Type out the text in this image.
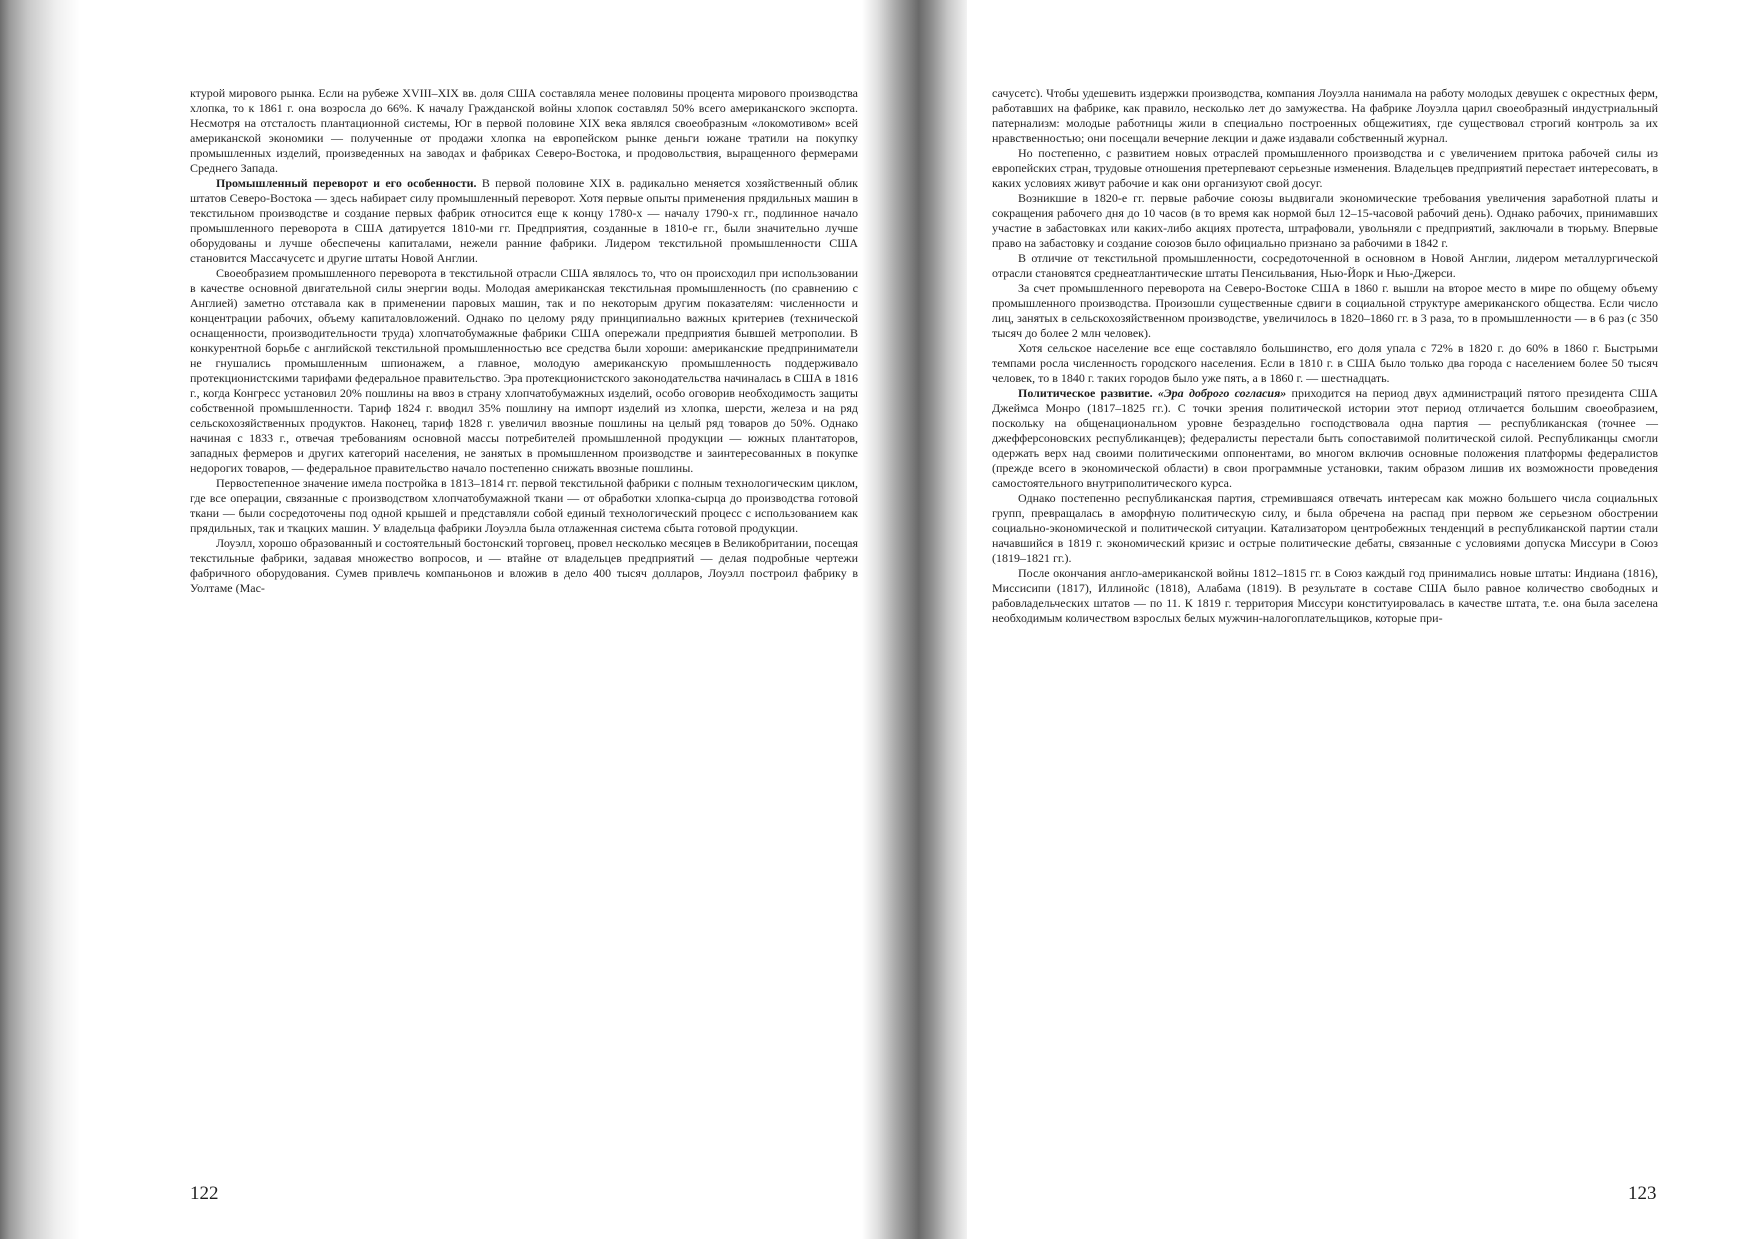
ктурой мирового рынка. Если на рубеже XVIII–XIX вв. доля США составляла менее половины процента мирового производства хлопка, то к 1861 г. она возросла до 66%. К началу Гражданской войны хлопок составлял 50% всего американского экспорта. Несмотря на отсталость плантационной системы, Юг в первой половине XIX века являлся своеобразным «локомотивом» всей американской экономики — полученные от продажи хлопка на европейском рынке деньги южане тратили на покупку промышленных изделий, произведенных на заводах и фабриках Северо-Востока, и продовольствия, выращенного фермерами Среднего Запада.

Промышленный переворот и его особенности. В первой половине XIX в. радикально меняется хозяйственный облик штатов Северо-Востока — здесь набирает силу промышленный переворот. Хотя первые опыты применения прядильных машин в текстильном производстве и создание первых фабрик относится еще к концу 1780-х — началу 1790-х гг., подлинное начало промышленного переворота в США датируется 1810-ми гг. Предприятия, созданные в 1810-е гг., были значительно лучше оборудованы и лучше обеспечены капиталами, нежели ранние фабрики. Лидером текстильной промышленности США становится Массачусетс и другие штаты Новой Англии.

Своеобразием промышленного переворота в текстильной отрасли США являлось то, что он происходил при использовании в качестве основной двигательной силы энергии воды. Молодая американская текстильная промышленность (по сравнению с Англией) заметно отставала как в применении паровых машин, так и по некоторым другим показателям: численности и концентрации рабочих, объему капиталовложений. Однако по целому ряду принципиально важных критериев (технической оснащенности, производительности труда) хлопчатобумажные фабрики США опережали предприятия бывшей метрополии. В конкурентной борьбе с английской текстильной промышленностью все средства были хороши: американские предприниматели не гнушались промышленным шпионажем, а главное, молодую американскую промышленность поддерживало протекционистскими тарифами федеральное правительство. Эра протекционистского законодательства начиналась в США в 1816 г., когда Конгресс установил 20% пошлины на ввоз в страну хлопчатобумажных изделий, особо оговорив необходимость защиты собственной промышленности. Тариф 1824 г. вводил 35% пошлину на импорт изделий из хлопка, шерсти, железа и на ряд сельскохозяйственных продуктов. Наконец, тариф 1828 г. увеличил ввозные пошлины на целый ряд товаров до 50%. Однако начиная с 1833 г., отвечая требованиям основной массы потребителей промышленной продукции — южных плантаторов, западных фермеров и других категорий населения, не занятых в промышленном производстве и заинтересованных в покупке недорогих товаров, — федеральное правительство начало постепенно снижать ввозные пошлины.

Первостепенное значение имела постройка в 1813–1814 гг. первой текстильной фабрики с полным технологическим циклом, где все операции, связанные с производством хлопчатобумажной ткани — от обработки хлопка-сырца до производства готовой ткани — были сосредоточены под одной крышей и представляли собой единый технологический процесс с использованием как прядильных, так и ткацких машин. У владельца фабрики Лоуэлла была отлаженная система сбыта готовой продукции.

Лоуэлл, хорошо образованный и состоятельный бостонский торговец, провел несколько месяцев в Великобритании, посещая текстильные фабрики, задавая множество вопросов, и — втайне от владельцев предприятий — делая подробные чертежи фабричного оборудования. Сумев привлечь компаньонов и вложив в дело 400 тысяч долларов, Лоуэлл построил фабрику в Уолтаме (Мас-

122

сачусетс). Чтобы удешевить издержки производства, компания Лоуэлла нанимала на работу молодых девушек с окрестных ферм, работавших на фабрике, как правило, несколько лет до замужества. На фабрике Лоуэлла царил своеобразный индустриальный патернализм: молодые работницы жили в специально построенных общежитиях, где существовал строгий контроль за их нравственностью; они посещали вечерние лекции и даже издавали собственный журнал.

Но постепенно, с развитием новых отраслей промышленного производства и с увеличением притока рабочей силы из европейских стран, трудовые отношения претерпевают серьезные изменения. Владельцев предприятий перестает интересовать, в каких условиях живут рабочие и как они организуют свой досуг.

Возникшие в 1820-е гг. первые рабочие союзы выдвигали экономические требования увеличения заработной платы и сокращения рабочего дня до 10 часов (в то время как нормой был 12–15-часовой рабочий день). Однако рабочих, принимавших участие в забастовках или каких-либо акциях протеста, штрафовали, увольняли с предприятий, заключали в тюрьму. Впервые право на забастовку и создание союзов было официально признано за рабочими в 1842 г.

В отличие от текстильной промышленности, сосредоточенной в основном в Новой Англии, лидером металлургической отрасли становятся среднеатлантические штаты Пенсильвания, Нью-Йорк и Нью-Джерси.

За счет промышленного переворота на Северо-Востоке США в 1860 г. вышли на второе место в мире по общему объему промышленного производства. Произошли существенные сдвиги в социальной структуре американского общества. Если число лиц, занятых в сельскохозяйственном производстве, увеличилось в 1820–1860 гг. в 3 раза, то в промышленности — в 6 раз (с 350 тысяч до более 2 млн человек).

Хотя сельское население все еще составляло большинство, его доля упала с 72% в 1820 г. до 60% в 1860 г. Быстрыми темпами росла численность городского населения. Если в 1810 г. в США было только два города с населением более 50 тысяч человек, то в 1840 г. таких городов было уже пять, а в 1860 г. — шестнадцать.

Политическое развитие. «Эра доброго согласия» приходится на период двух администраций пятого президента США Джеймса Монро (1817–1825 гг.). С точки зрения политической истории этот период отличается большим своеобразием, поскольку на общенациональном уровне безраздельно господствовала одна партия — республиканская (точнее — джефферсоновских республиканцев); федералисты перестали быть сопоставимой политической силой. Республиканцы смогли одержать верх над своими политическими оппонентами, во многом включив основные положения платформы федералистов (прежде всего в экономической области) в свои программные установки, таким образом лишив их возможности проведения самостоятельного внутриполитического курса.

Однако постепенно республиканская партия, стремившаяся отвечать интересам как можно большего числа социальных групп, превращалась в аморфную политическую силу, и была обречена на распад при первом же серьезном обострении социально-экономической и политической ситуации. Катализатором центробежных тенденций в республиканской партии стали начавшийся в 1819 г. экономический кризис и острые политические дебаты, связанные с условиями допуска Миссури в Союз (1819–1821 гг.).

После окончания англо-американской войны 1812–1815 гг. в Союз каждый год принимались новые штаты: Индиана (1816), Миссисипи (1817), Иллинойс (1818), Алабама (1819). В результате в составе США было равное количество свободных и рабовладельческих штатов — по 11. К 1819 г. территория Миссури конституировалась в качестве штата, т.е. она была заселена необходимым количеством взрослых белых мужчин-налогоплательщиков, которые при-

123
